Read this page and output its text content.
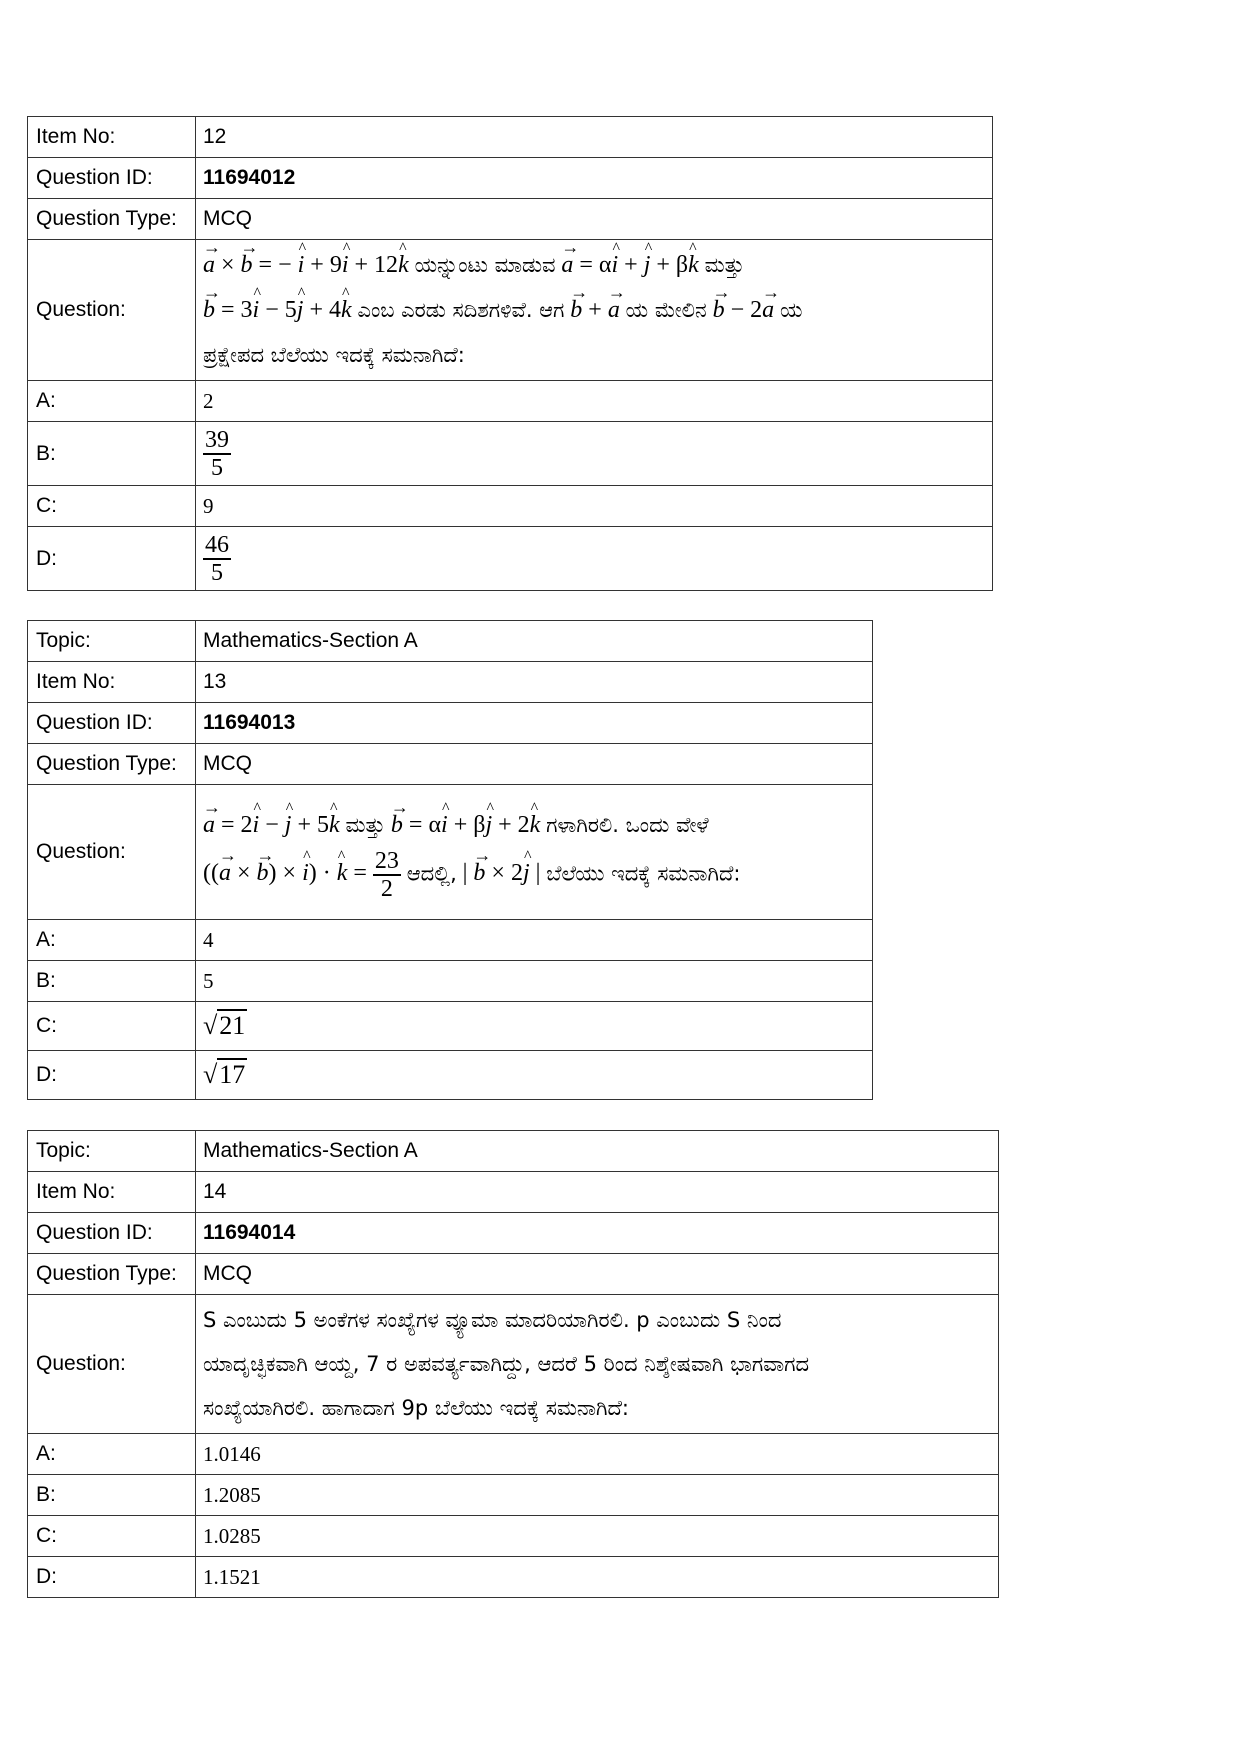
Item No:	12
Question ID:	11694012
Question Type:	MCQ
Question:	→ a × → b = − ^ i + 9^ i + 12^ k ಯನ್ನುಂಟು ಮಾಡುವ → a = α^ i + ^ j + β^ k ಮತ್ತು
→ b = 3^ i − 5^ j + 4^ k ಎಂಬ ಎರಡು ಸದಿಶಗಳಿವೆ. ಆಗ → b + → a ಯ ಮೇಲಿನ → b − 2→ a ಯ
ಪ್ರಕ್ಷೇಪದ ಬೆಲೆಯು ಇದಕ್ಕೆ ಸಮನಾಗಿದೆ:
A:	2
B:	$\frac{39}{5}$

C:	9
D:	$\frac{46}{5}$
Topic:	Mathematics-Section A
Item No:	13
Question ID:	11694013
Question Type:	MCQ
Question:	→ a = 2^ i − ^ j + 5^ k ಮತ್ತು → b = α^ i + β^ j + 2^ k ಗಳಾಗಿರಲಿ. ಒಂದು ವೇಳೆ
((→ a × → b) × ^ i) · ^ $k = \frac{23}{2}$ ಆದಲ್ಲಿ, | → b × 2^ j | ಬೆಲೆಯು ಇದಕ್ಕೆ ಸಮನಾಗಿದೆ:
A:	4
B:	5
C:	√21
D:	√17
Topic:	Mathematics-Section A
Item No:	14
Question ID:	11694014
Question Type:	MCQ
Question:	S ಎಂಬುದು 5 ಅಂಕೆಗಳ ಸಂಖ್ಯೆಗಳ ವ್ಯೂಮಾ ಮಾದರಿಯಾಗಿರಲಿ. p ಎಂಬುದು S ನಿಂದ
ಯಾದೃಚ್ಛಿಕವಾಗಿ ಆಯ್ದ, 7 ರ ಅಪವರ್ತ್ಯವಾಗಿದ್ದು, ಆದರೆ 5 ರಿಂದ ನಿಶ್ಶೇಷವಾಗಿ ಭಾಗವಾಗದ
ಸಂಖ್ಯೆಯಾಗಿರಲಿ. ಹಾಗಾದಾಗ 9p ಬೆಲೆಯು ಇದಕ್ಕೆ ಸಮನಾಗಿದೆ:

A:	1.0146
B:	1.2085
C:	1.0285
D:	1.1521
